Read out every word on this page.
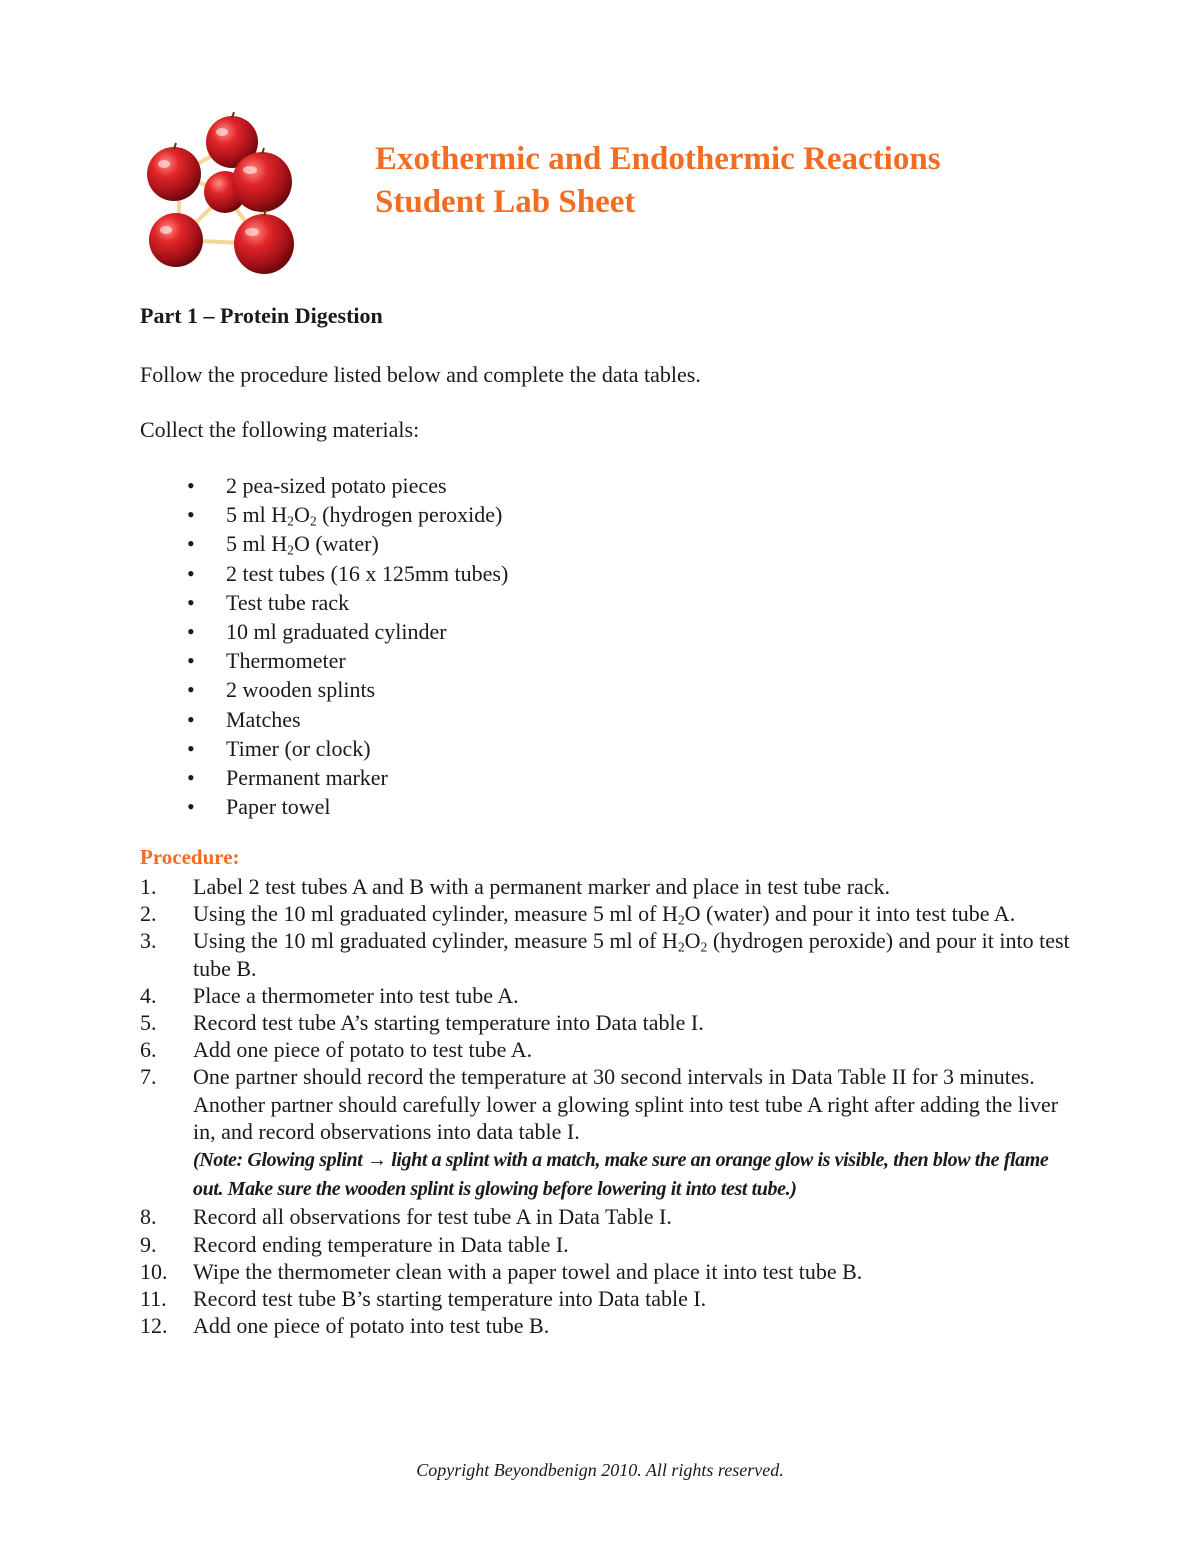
Exothermic and Endothermic Reactions
Student Lab Sheet
Part 1 – Protein Digestion
Follow the procedure listed below and complete the data tables.
Collect the following materials:
• 2 pea-sized potato pieces
• 5 ml $H_2O_2$ (hydrogen peroxide)
• 5 ml $H_2O$ (water)
• 2 test tubes (16 x 125mm tubes)
• Test tube rack
• 10 ml graduated cylinder
• Thermometer
• 2 wooden splints
• Matches
• Timer (or clock)
• Permanent marker
• Paper towel
Procedure:
1. Label 2 test tubes A and B with a permanent marker and place in test tube rack.
2. Using the 10 ml graduated cylinder, measure 5 ml of $H_2O$ (water) and pour it into test tube A.
3. Using the 10 ml graduated cylinder, measure 5 ml of $H_2O_2$ (hydrogen peroxide) and pour it into test tube B.
4. Place a thermometer into test tube A.
5. Record test tube A’s starting temperature into Data table I.
6. Add one piece of potato to test tube A.
7. One partner should record the temperature at 30 second intervals in Data Table II for 3 minutes. Another partner should carefully lower a glowing splint into test tube A right after adding the liver in, and record observations into data table I.
(Note: Glowing splint → light a splint with a match, make sure an orange glow is visible, then blow the flame out. Make sure the wooden splint is glowing before lowering it into test tube.)
8. Record all observations for test tube A in Data Table I.
9. Record ending temperature in Data table I.
10. Wipe the thermometer clean with a paper towel and place it into test tube B.
11. Record test tube B’s starting temperature into Data table I.
12. Add one piece of potato into test tube B.
Copyright Beyondbenign 2010. All rights reserved.
